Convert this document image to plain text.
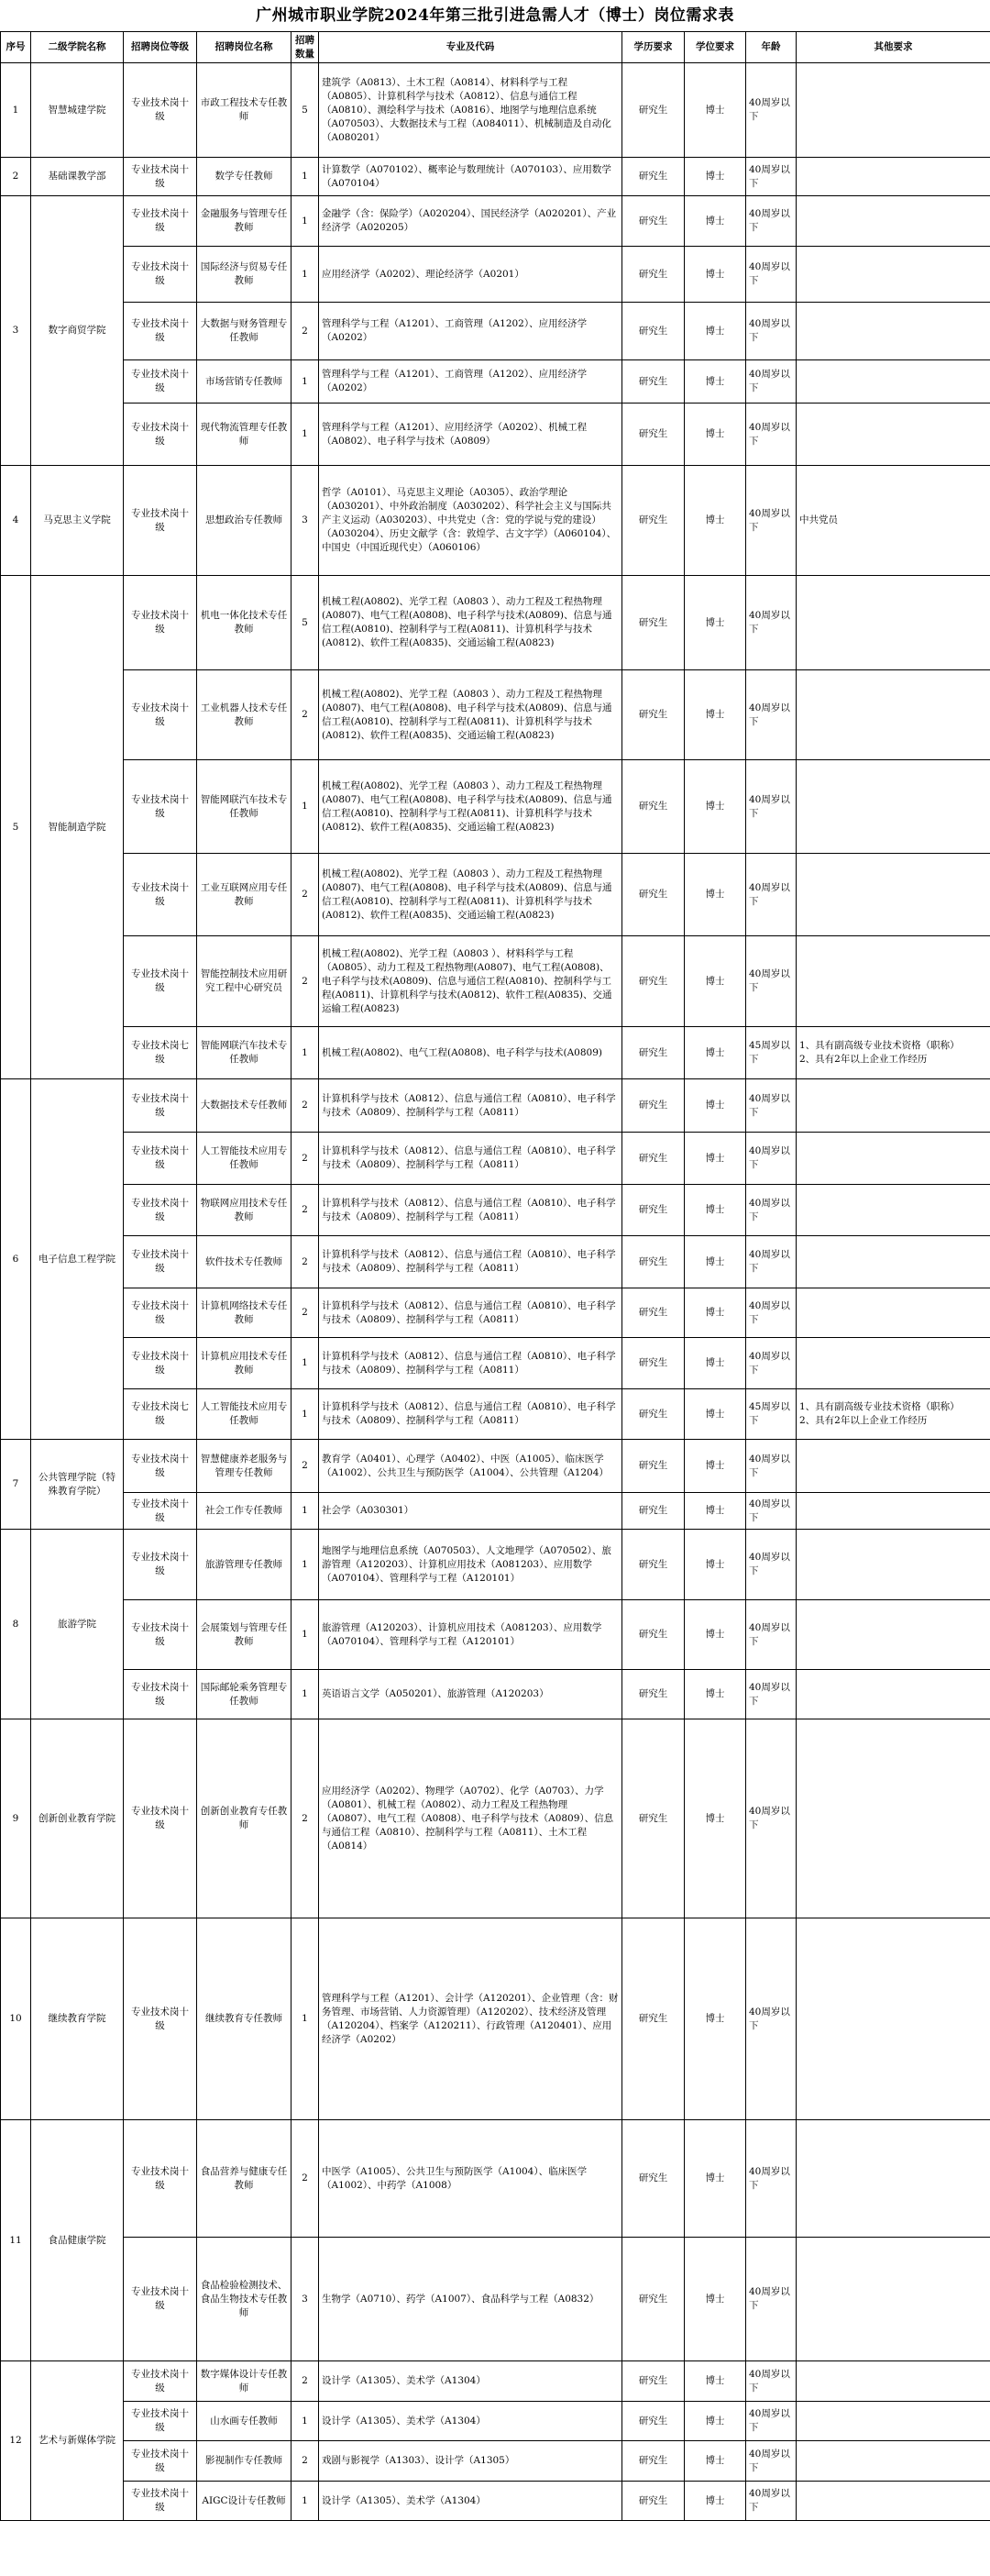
广州城市职业学院2024年第三批引进急需人才（博士）岗位需求表
序号	二级学院名称	招聘岗位等级	招聘岗位名称	招聘数量	专业及代码	学历要求	学位要求	年龄	其他要求
1	智慧城建学院	专业技术岗十级	市政工程技术专任教师	5	建筑学（A0813）、土木工程（A0814）、材料科学与工程（A0805）、计算机科学与技术（A0812）、信息与通信工程（A0810）、测绘科学与技术（A0816）、地图学与地理信息系统（A070503）、大数据技术与工程（A084011）、机械制造及自动化（A080201）	研究生	博士	40周岁以下	
2	基础课教学部	专业技术岗十级	数学专任教师	1	计算数学（A070102）、概率论与数理统计（A070103）、应用数学（A070104）	研究生	博士	40周岁以下	
3	数字商贸学院	专业技术岗十级	金融服务与管理专任教师	1	金融学（含：保险学）（A020204）、国民经济学（A020201）、产业经济学（A020205）	研究生	博士	40周岁以下	
		专业技术岗十级	国际经济与贸易专任教师	1	应用经济学（A0202）、理论经济学（A0201）	研究生	博士	40周岁以下	
		专业技术岗十级	大数据与财务管理专任教师	2	管理科学与工程（A1201）、工商管理（A1202）、应用经济学（A0202）	研究生	博士	40周岁以下	
		专业技术岗十级	市场营销专任教师	1	管理科学与工程（A1201）、工商管理（A1202）、应用经济学（A0202）	研究生	博士	40周岁以下	
		专业技术岗十级	现代物流管理专任教师	1	管理科学与工程（A1201）、应用经济学（A0202）、机械工程（A0802）、电子科学与技术（A0809）	研究生	博士	40周岁以下	
4	马克思主义学院	专业技术岗十级	思想政治专任教师	3	哲学（A0101）、马克思主义理论（A0305）、政治学理论（A030201）、中外政治制度（A030202）、科学社会主义与国际共产主义运动（A030203）、中共党史（含：党的学说与党的建设）（A030204）、历史文献学（含：敦煌学、古文字学）（A060104）、中国史（中国近现代史）（A060106）	研究生	博士	40周岁以下	中共党员
5	智能制造学院	专业技术岗十级	机电一体化技术专任教师	5	机械工程(A0802)、光学工程（A0803 ）、动力工程及工程热物理(A0807)、电气工程(A0808)、电子科学与技术(A0809)、信息与通信工程(A0810)、控制科学与工程(A0811)、计算机科学与技术(A0812)、软件工程(A0835)、交通运输工程(A0823)	研究生	博士	40周岁以下	
		专业技术岗十级	工业机器人技术专任教师	2	机械工程(A0802)、光学工程（A0803 ）、动力工程及工程热物理(A0807)、电气工程(A0808)、电子科学与技术(A0809)、信息与通信工程(A0810)、控制科学与工程(A0811)、计算机科学与技术(A0812)、软件工程(A0835)、交通运输工程(A0823)	研究生	博士	40周岁以下	
		专业技术岗十级	智能网联汽车技术专任教师	1	机械工程(A0802)、光学工程（A0803 ）、动力工程及工程热物理(A0807)、电气工程(A0808)、电子科学与技术(A0809)、信息与通信工程(A0810)、控制科学与工程(A0811)、计算机科学与技术(A0812)、软件工程(A0835)、交通运输工程(A0823)	研究生	博士	40周岁以下	
		专业技术岗十级	工业互联网应用专任教师	2	机械工程(A0802)、光学工程（A0803 ）、动力工程及工程热物理(A0807)、电气工程(A0808)、电子科学与技术(A0809)、信息与通信工程(A0810)、控制科学与工程(A0811)、计算机科学与技术(A0812)、软件工程(A0835)、交通运输工程(A0823)	研究生	博士	40周岁以下	
		专业技术岗十级	智能控制技术应用研究工程中心研究员	2	机械工程(A0802)、光学工程（A0803 ）、材料科学与工程（A0805）、动力工程及工程热物理(A0807)、电气工程(A0808)、电子科学与技术(A0809)、信息与通信工程(A0810)、控制科学与工程(A0811)、计算机科学与技术(A0812)、软件工程(A0835)、交通运输工程(A0823)	研究生	博士	40周岁以下	
		专业技术岗七级	智能网联汽车技术专任教师	1	机械工程(A0802)、电气工程(A0808)、电子科学与技术(A0809)	研究生	博士	45周岁以下	1、具有副高级专业技术资格（职称）
2、具有2年以上企业工作经历
6	电子信息工程学院	专业技术岗十级	大数据技术专任教师	2	计算机科学与技术（A0812）、信息与通信工程（A0810）、电子科学与技术（A0809）、控制科学与工程（A0811）	研究生	博士	40周岁以下	
		专业技术岗十级	人工智能技术应用专任教师	2	计算机科学与技术（A0812）、信息与通信工程（A0810）、电子科学与技术（A0809）、控制科学与工程（A0811）	研究生	博士	40周岁以下	
		专业技术岗十级	物联网应用技术专任教师	2	计算机科学与技术（A0812）、信息与通信工程（A0810）、电子科学与技术（A0809）、控制科学与工程（A0811）	研究生	博士	40周岁以下	
		专业技术岗十级	软件技术专任教师	2	计算机科学与技术（A0812）、信息与通信工程（A0810）、电子科学与技术（A0809）、控制科学与工程（A0811）	研究生	博士	40周岁以下	
		专业技术岗十级	计算机网络技术专任教师	2	计算机科学与技术（A0812）、信息与通信工程（A0810）、电子科学与技术（A0809）、控制科学与工程（A0811）	研究生	博士	40周岁以下	
		专业技术岗十级	计算机应用技术专任教师	1	计算机科学与技术（A0812）、信息与通信工程（A0810）、电子科学与技术（A0809）、控制科学与工程（A0811）	研究生	博士	40周岁以下	
		专业技术岗七级	人工智能技术应用专任教师	1	计算机科学与技术（A0812）、信息与通信工程（A0810）、电子科学与技术（A0809）、控制科学与工程（A0811）	研究生	博士	45周岁以下	1、具有副高级专业技术资格（职称）
2、具有2年以上企业工作经历
7	公共管理学院（特殊教育学院）	专业技术岗十级	智慧健康养老服务与管理专任教师	2	教育学（A0401）、心理学（A0402）、中医（A1005）、临床医学（A1002）、公共卫生与预防医学（A1004）、公共管理（A1204）	研究生	博士	40周岁以下	
		专业技术岗十级	社会工作专任教师	1	社会学（A030301）	研究生	博士	40周岁以下	
8	旅游学院	专业技术岗十级	旅游管理专任教师	1	地图学与地理信息系统（A070503）、人文地理学（A070502）、旅游管理（A120203）、计算机应用技术（A081203）、应用数学（A070104）、管理科学与工程（A120101）	研究生	博士	40周岁以下	
		专业技术岗十级	会展策划与管理专任教师	1	旅游管理（A120203）、计算机应用技术（A081203）、应用数学（A070104）、管理科学与工程（A120101）	研究生	博士	40周岁以下	
		专业技术岗十级	国际邮轮乘务管理专任教师	1	英语语言文学（A050201）、旅游管理（A120203）	研究生	博士	40周岁以下	
9	创新创业教育学院	专业技术岗十级	创新创业教育专任教师	2	应用经济学（A0202）、物理学（A0702）、化学（A0703）、力学（A0801）、机械工程（A0802）、动力工程及工程热物理（A0807）、电气工程（A0808）、电子科学与技术（A0809）、信息与通信工程（A0810）、控制科学与工程（A0811）、土木工程（A0814）	研究生	博士	40周岁以下	
10	继续教育学院	专业技术岗十级	继续教育专任教师	1	管理科学与工程（A1201）、会计学（A120201）、企业管理（含：财务管理、市场营销、人力资源管理）（A120202）、技术经济及管理（A120204）、档案学（A120211）、行政管理（A120401）、应用经济学（A0202）	研究生	博士	40周岁以下	
11	食品健康学院	专业技术岗十级	食品营养与健康专任教师	2	中医学（A1005）、公共卫生与预防医学（A1004）、临床医学（A1002）、中药学（A1008）	研究生	博士	40周岁以下	
		专业技术岗十级	食品检验检测技术、食品生物技术专任教师	3	生物学（A0710）、药学（A1007）、食品科学与工程（A0832）	研究生	博士	40周岁以下	
12	艺术与新媒体学院	专业技术岗十级	数字媒体设计专任教师	2	设计学（A1305）、美术学（A1304）	研究生	博士	40周岁以下	
		专业技术岗十级	山水画专任教师	1	设计学（A1305）、美术学（A1304）	研究生	博士	40周岁以下	
		专业技术岗十级	影视制作专任教师	2	戏剧与影视学（A1303）、设计学（A1305）	研究生	博士	40周岁以下	
		专业技术岗十级	AIGC设计专任教师	1	设计学（A1305）、美术学（A1304）	研究生	博士	40周岁以下	
